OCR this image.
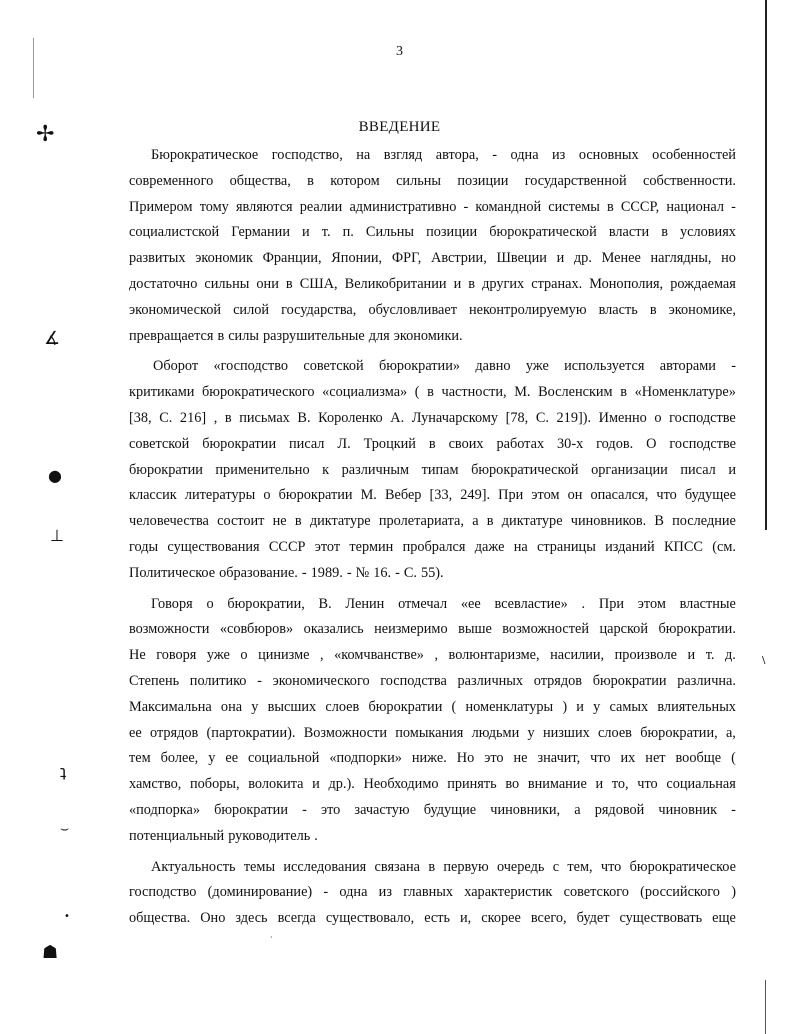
✢
∡
●
⊥
ʇ
⌣
•
☗
\
·
3
ВВЕДЕНИЕ
Бюрократическое господство, на взгляд автора, - одна из основных особенностей
современного общества, в котором сильны позиции государственной собственности.
Примером тому являются реалии административно - командной системы в СССР, национал -
социалистской Германии и т. п. Сильны позиции бюрократической власти в условиях
развитых экономик Франции, Японии, ФРГ, Австрии, Швеции и др. Менее наглядны, но
достаточно сильны они в США, Великобритании и в других странах. Монополия, рождаемая
экономической силой государства, обусловливает неконтролируемую власть в экономике,
превращается в силы разрушительные для экономики.
Оборот «господство советской бюрократии» давно уже используется авторами -
критиками бюрократического «социализма» ( в частности, М. Восленским в «Номенклатуре»
[38, С. 216] , в письмах В. Короленко А. Луначарскому [78, С. 219]). Именно о господстве
советской бюрократии писал Л. Троцкий в своих работах 30-х годов. О господстве
бюрократии применительно к различным типам бюрократической организации писал и
классик литературы о бюрократии М. Вебер [33, 249]. При этом он опасался, что будущее
человечества состоит не в диктатуре пролетариата, а в диктатуре чиновников. В последние
годы существования СССР этот термин пробрался даже на страницы изданий КПСС (см.
Политическое образование. - 1989. - № 16. - С. 55).
Говоря о бюрократии, В. Ленин отмечал «ее всевластие» . При этом властные
возможности «совбюров» оказались неизмеримо выше возможностей царской бюрократии.
Не говоря уже о цинизме , «комчванстве» , волюнтаризме, насилии, произволе и т. д.
Степень политико - экономического господства различных отрядов бюрократии различна.
Максимальна она у высших слоев бюрократии ( номенклатуры ) и у самых влиятельных
ее отрядов (партократии). Возможности помыкания людьми у низших слоев бюрократии, а,
тем более, у ее социальной «подпорки» ниже. Но это не значит, что их нет вообще (
хамство, поборы, волокита и др.). Необходимо принять во внимание и то, что социальная
«подпорка» бюрократии - это зачастую будущие чиновники, а рядовой чиновник -
потенциальный руководитель .
Актуальность темы исследования связана в первую очередь с тем, что бюрократическое
господство (доминирование) - одна из главных характеристик советского (российского )
общества. Оно здесь всегда существовало, есть и, скорее всего, будет существовать еще
